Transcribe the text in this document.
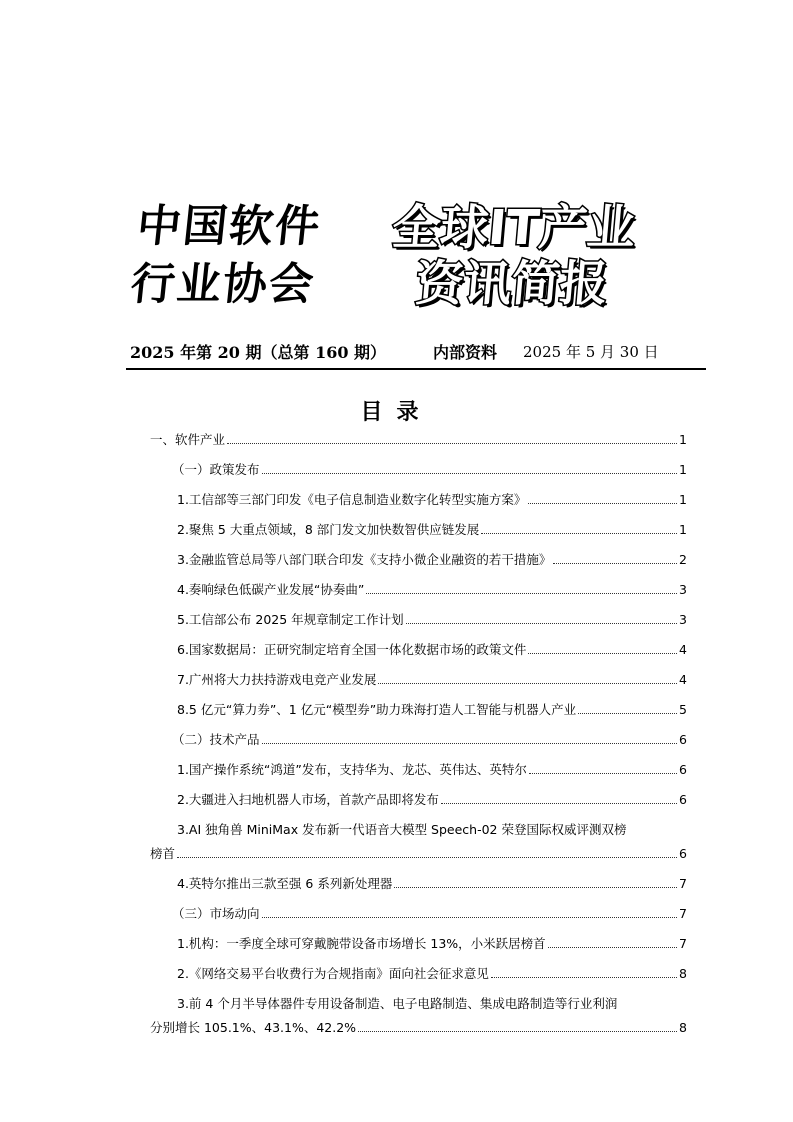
中国软件
行业协会
全球IT产业
资讯简报
2025 年第 20 期（总第 160 期）	内部资料 2025 年 5 月 30 日
目录
一、软件产业	1
（一）政策发布	1
1.工信部等三部门印发《电子信息制造业数字化转型实施方案》	1
2.聚焦 5 大重点领域，8 部门发文加快数智供应链发展	1
3.金融监管总局等八部门联合印发《支持小微企业融资的若干措施》	2
4.奏响绿色低碳产业发展“协奏曲”	3
5.工信部公布 2025 年规章制定工作计划	3
6.国家数据局：正研究制定培育全国一体化数据市场的政策文件	4
7.广州将大力扶持游戏电竞产业发展	4
8.5 亿元“算力券”、1 亿元“模型券”助力珠海打造人工智能与机器人产业	5
（二）技术产品	6
1.国产操作系统“鸿道”发布，支持华为、龙芯、英伟达、英特尔	6
2.大疆进入扫地机器人市场，首款产品即将发布	6
3.AI 独角兽 MiniMax 发布新一代语音大模型 Speech-02 荣登国际权威评测双榜
榜首	6
4.英特尔推出三款至强 6 系列新处理器	7
（三）市场动向	7
1.机构：一季度全球可穿戴腕带设备市场增长 13%，小米跃居榜首	7
2.《网络交易平台收费行为合规指南》面向社会征求意见	8
3.前 4 个月半导体器件专用设备制造、电子电路制造、集成电路制造等行业利润
分别增长 105.1%、43.1%、42.2%	8
